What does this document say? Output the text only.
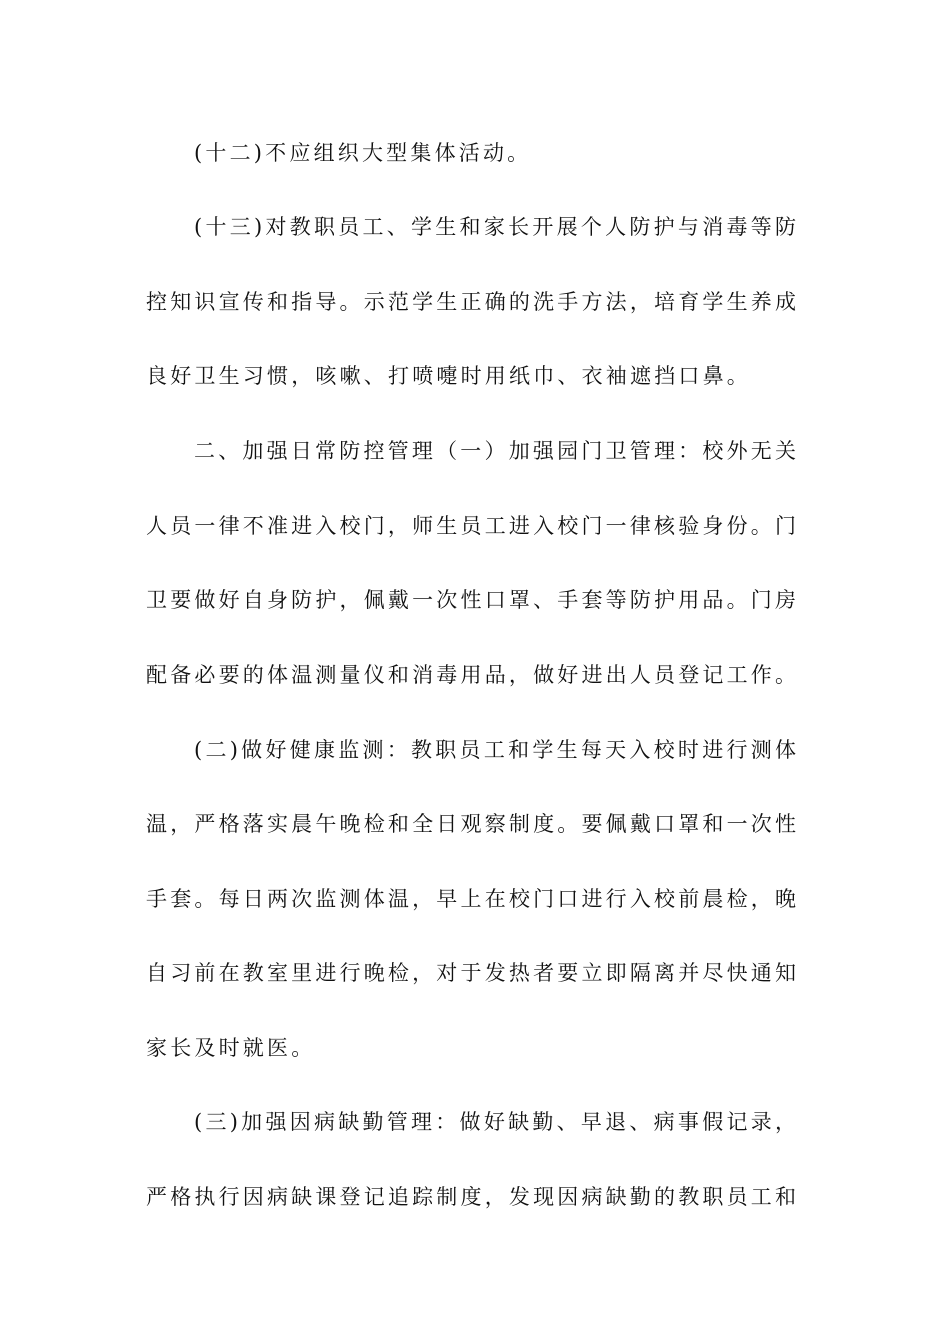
(十二)不应组织大型集体活动。
(十三)对教职员工、学生和家长开展个人防护与消毒等防
控知识宣传和指导。示范学生正确的洗手方法，培育学生养成
良好卫生习惯，咳嗽、打喷嚏时用纸巾、衣袖遮挡口鼻。
二、加强日常防控管理（一）加强园门卫管理：校外无关
人员一律不准进入校门，师生员工进入校门一律核验身份。门
卫要做好自身防护，佩戴一次性口罩、手套等防护用品。门房
配备必要的体温测量仪和消毒用品，做好进出人员登记工作。
(二)做好健康监测：教职员工和学生每天入校时进行测体
温，严格落实晨午晚检和全日观察制度。要佩戴口罩和一次性
手套。每日两次监测体温，早上在校门口进行入校前晨检，晚
自习前在教室里进行晚检，对于发热者要立即隔离并尽快通知
家长及时就医。
(三)加强因病缺勤管理：做好缺勤、早退、病事假记录，
严格执行因病缺课登记追踪制度，发现因病缺勤的教职员工和
